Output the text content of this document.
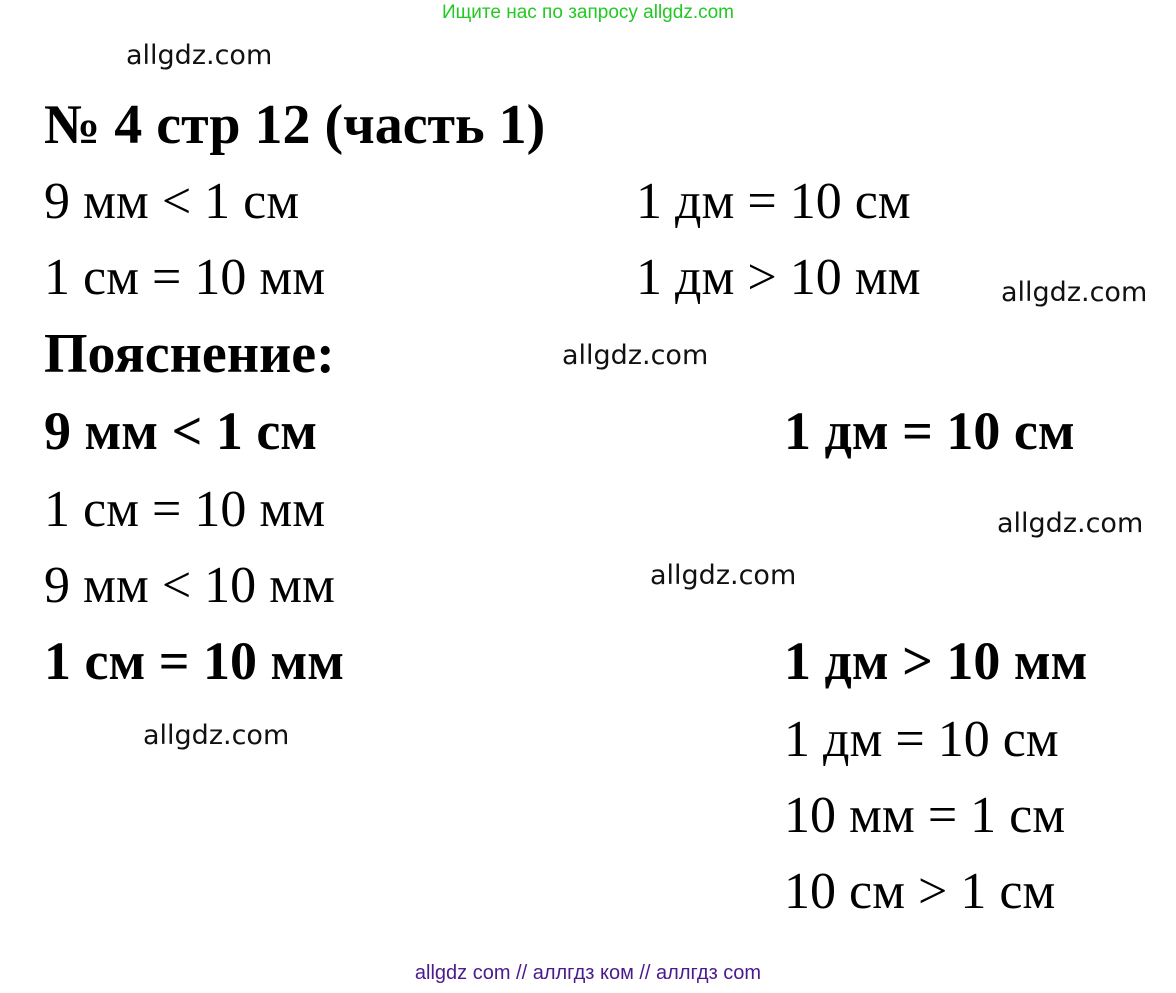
Ищите нас по запросу allgdz.com
allgdz.com
allgdz.com
allgdz.com
allgdz.com
allgdz.com
allgdz.com
№ 4 стр 12 (часть 1)
9 мм < 1 см
1 см = 10 мм
1 дм = 10 см
1 дм > 10 мм
Пояснение:
9 мм < 1 см
1 см = 10 мм
9 мм < 10 мм
1 см = 10 мм
1 дм = 10 см
1 дм > 10 мм
1 дм = 10 см
10 мм = 1 см
10 см > 1 см
allgdz com // аллгдз ком // аллгдз com
